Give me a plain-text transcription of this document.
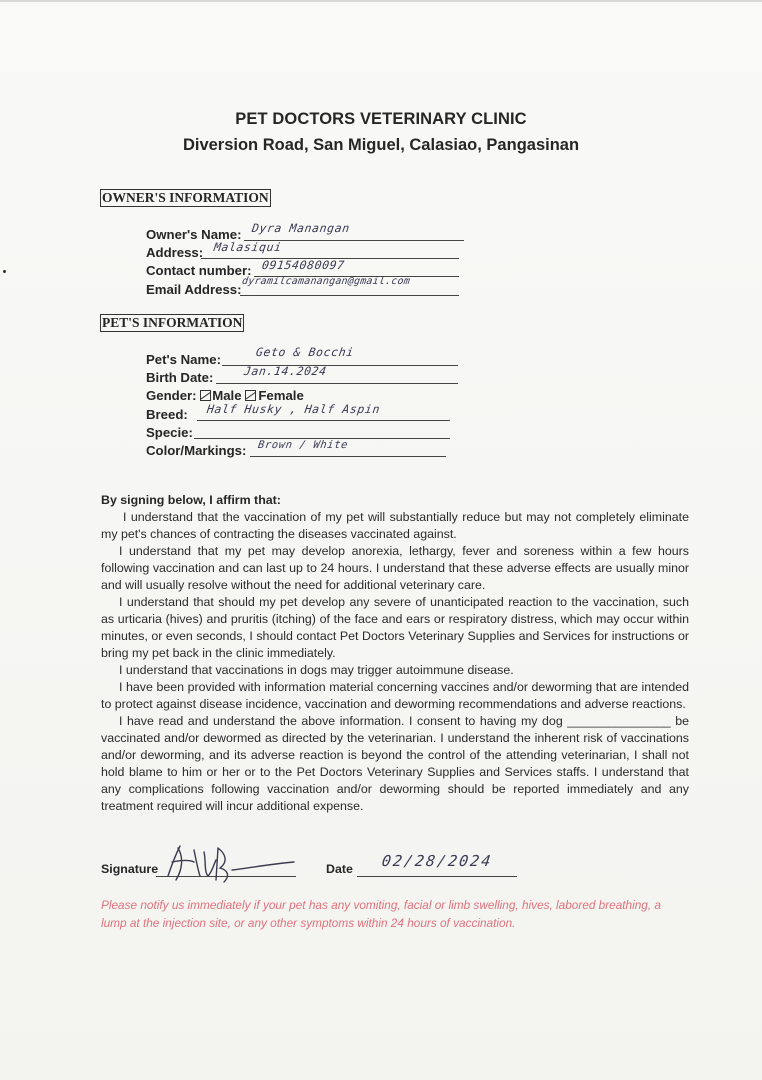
PET DOCTORS VETERINARY CLINIC
Diversion Road, San Miguel, Calasiao, Pangasinan
OWNER'S INFORMATION
Owner's Name: Dyra Manangan
Address: Malasiqui
Contact number: 09154080097
Email Address:
dyramilcamanangan@gmail.com
PET'S INFORMATION
Pet's Name:	Geto & Bocchi
Birth Date:	Jan.14.2024
Gender: Male   Female
Breed: Half Husky , Half Aspin
Specie:
Color/Markings: Brown / White
By signing below, I affirm that:

I understand that the vaccination of my pet will substantially reduce but may not completely eliminate my pet's chances of contracting the diseases vaccinated against.

I understand that my pet may develop anorexia, lethargy, fever and soreness within a few hours following vaccination and can last up to 24 hours. I understand that these adverse effects are usually minor and will usually resolve without the need for additional veterinary care.

I understand that should my pet develop any severe of unanticipated reaction to the vaccination, such as urticaria (hives) and pruritis (itching) of the face and ears or respiratory distress, which may occur within minutes, or even seconds, I should contact Pet Doctors Veterinary Supplies and Services for instructions or bring my pet back in the clinic immediately.

I understand that vaccinations in dogs may trigger autoimmune disease.

I have been provided with information material concerning vaccines and/or deworming that are intended to protect against disease incidence, vaccination and deworming recommendations and adverse reactions.

I have read and understand the above information. I consent to having my dog _______________ be vaccinated and/or dewormed as directed by the veterinarian. I understand the inherent risk of vaccinations and/or deworming, and its adverse reaction is beyond the control of the attending veterinarian, I shall not hold blame to him or her or to the Pet Doctors Veterinary Supplies and Services staffs. I understand that any complications following vaccination and/or deworming should be reported immediately and any treatment required will incur additional expense.

Signature	Date 02/28/2024
Please notify us immediately if your pet has any vomiting, facial or limb swelling, hives, labored breathing, a lump at the injection site, or any other symptoms within 24 hours of vaccination.
